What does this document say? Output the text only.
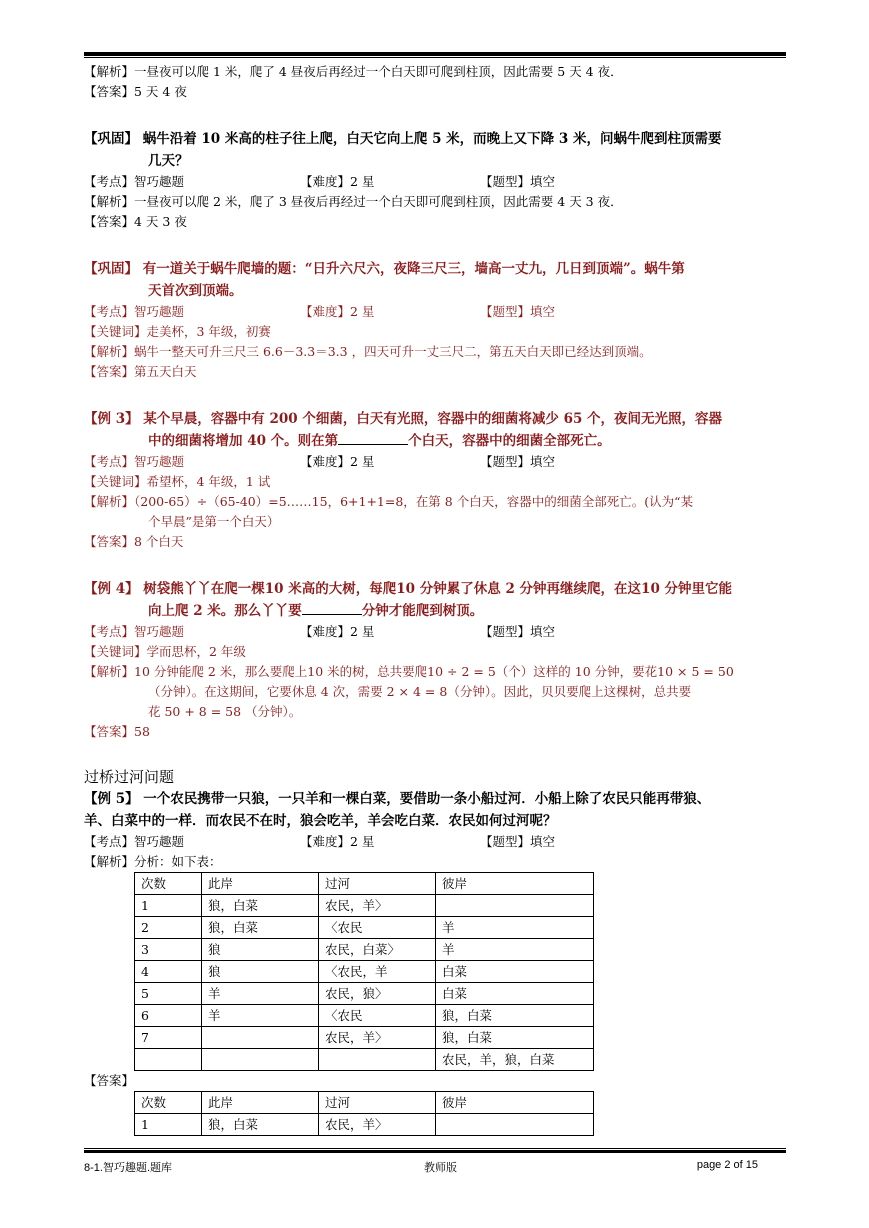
【解析】一昼夜可以爬 1 米，爬了 4 昼夜后再经过一个白天即可爬到柱顶，因此需要 5 天 4 夜．
【答案】5 天 4 夜
【巩固】 蜗牛沿着 10 米高的柱子往上爬，白天它向上爬 5 米，而晚上又下降 3 米，问蜗牛爬到柱顶需要
几天？
【考点】智巧趣题	【难度】2 星	【题型】填空
【解析】一昼夜可以爬 2 米，爬了 3 昼夜后再经过一个白天即可爬到柱顶，因此需要 4 天 3 夜．
【答案】4 天 3 夜
【巩固】 有一道关于蜗牛爬墙的题：“日升六尺六，夜降三尺三，墙高一丈九，几日到顶端”。蜗牛第
天首次到顶端。
【考点】智巧趣题	【难度】2 星	【题型】填空
【关键词】走美杯，3 年级，初赛
【解析】蜗牛一整天可升三尺三 6.6－3.3＝3.3 ，四天可升一丈三尺二，第五天白天即已经达到顶端。
【答案】第五天白天
【例 3】 某个早晨，容器中有 200 个细菌，白天有光照，容器中的细菌将减少 65 个，夜间无光照，容器
中的细菌将增加 40 个。则在第	个白天，容器中的细菌全部死亡。
【考点】智巧趣题	【难度】2 星	【题型】填空
【关键词】希望杯，4 年级，1 试
【解析】（200-65）÷（65-40）=5……15，6+1+1=8，在第 8 个白天，容器中的细菌全部死亡。(认为“某
个早晨”是第一个白天）
【答案】8 个白天
【例 4】 树袋熊丫丫在爬一棵10 米高的大树，每爬10 分钟累了休息 2 分钟再继续爬，在这10 分钟里它能
向上爬 2 米。那么丫丫要	分钟才能爬到树顶。
【考点】智巧趣题	【难度】2 星	【题型】填空
【关键词】学而思杯，2 年级
【解析】10 分钟能爬 2 米，那么要爬上10 米的树，总共要爬10 ÷ 2 = 5（个）这样的 10 分钟，要花10 × 5 = 50
（分钟）。在这期间，它要休息 4 次，需要 2 × 4 = 8（分钟）。因此，贝贝要爬上这棵树，总共要
花 50 + 8 = 58 （分钟）。
【答案】58
过桥过河问题
【例 5】 一个农民携带一只狼，一只羊和一棵白菜，要借助一条小船过河．小船上除了农民只能再带狼、
羊、白菜中的一样．而农民不在时，狼会吃羊，羊会吃白菜．农民如何过河呢？
【考点】智巧趣题	【难度】2 星	【题型】填空
【解析】分析：如下表：
次数	此岸	过河	彼岸
1	狼，白菜	农民，羊〉	
2	狼，白菜	〈农民	羊
3	狼	农民，白菜〉	羊
4	狼	〈农民，羊	白菜
5	羊	农民，狼〉	白菜
6	羊	〈农民	狼，白菜
7		农民，羊〉	狼，白菜
			农民，羊，狼，白菜
【答案】
次数	此岸	过河	彼岸
1	狼，白菜	农民，羊〉	
8-1.智巧趣题.题库	教师版	page 2 of 15
